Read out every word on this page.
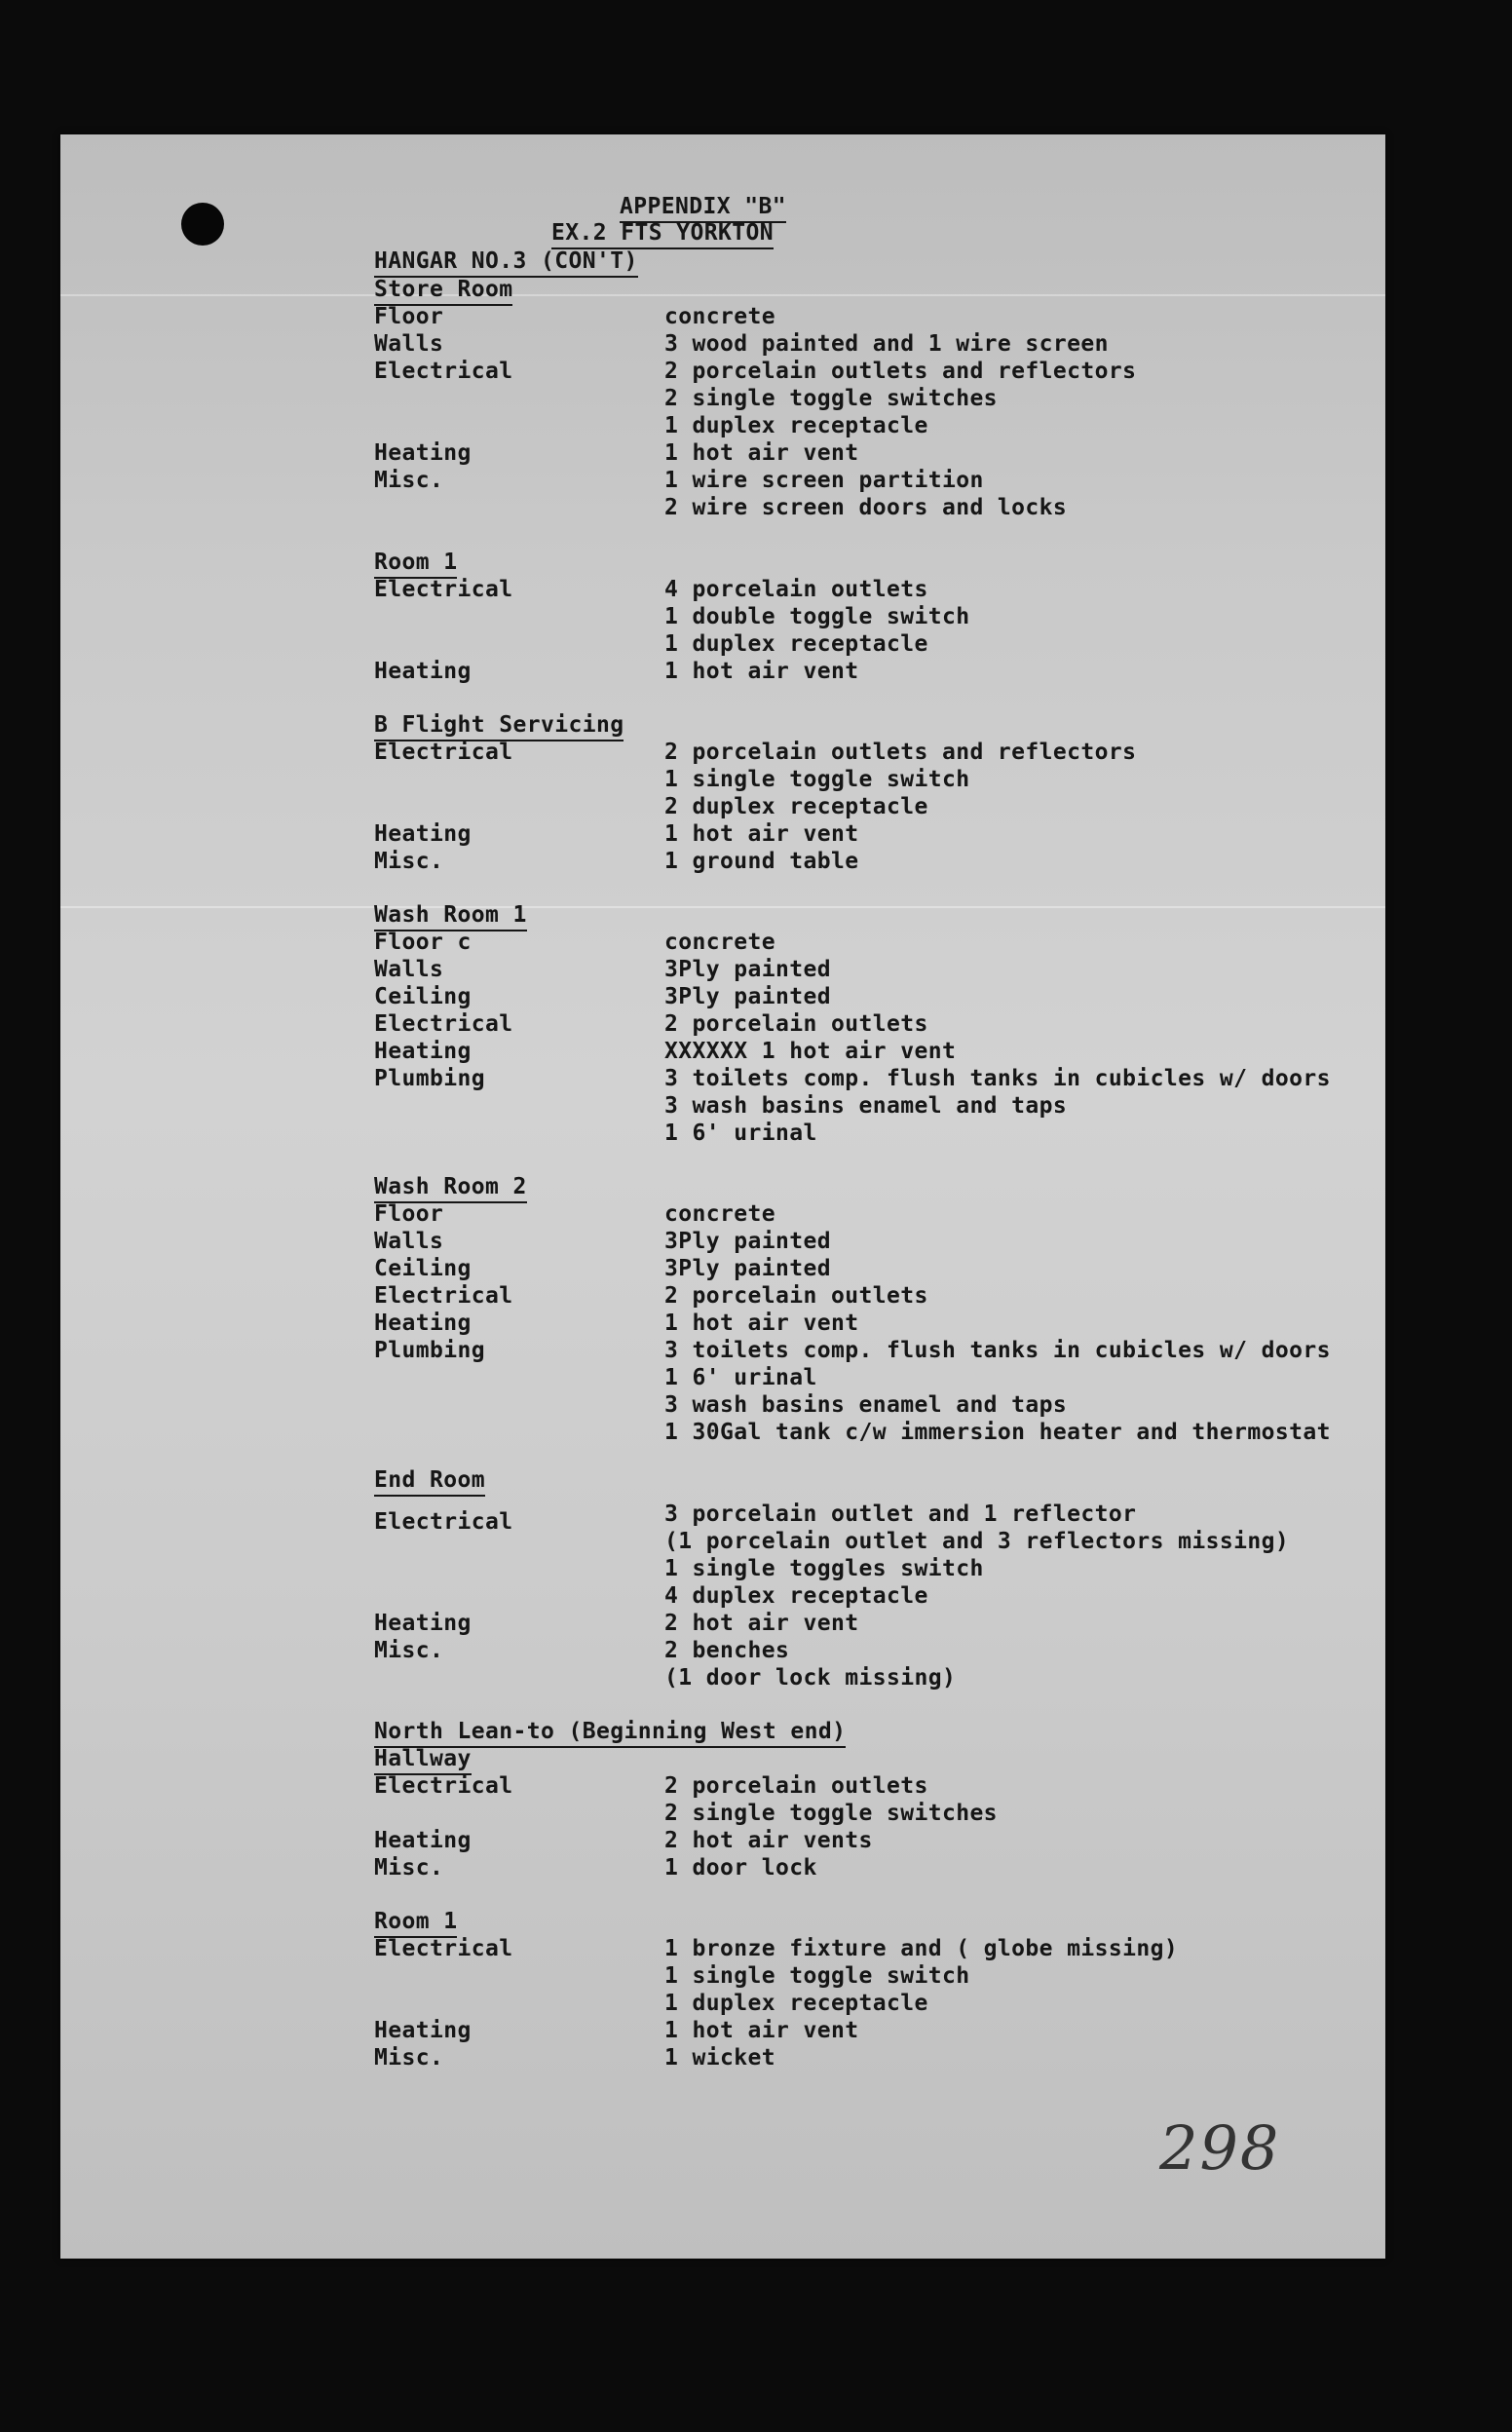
APPENDIX "B"
EX.2 FTS YORKTON
HANGAR NO.3 (CON'T)
Store Room
Floor	concrete
Walls	3 wood painted and 1 wire screen
Electrical	2 porcelain outlets and reflectors
2 single toggle switches
1 duplex receptacle
Heating	1 hot air vent
Misc.	1 wire screen partition
2 wire screen doors and locks
Room 1
Electrical	4 porcelain outlets
1 double toggle switch
1 duplex receptacle
Heating	1 hot air vent
B Flight Servicing
Electrical	2 porcelain outlets and reflectors
1 single toggle switch
2 duplex receptacle
Heating	1 hot air vent
Misc.	1 ground table
Wash Room 1
Floor c	concrete
Walls	3Ply painted
Ceiling	3Ply painted
Electrical	2 porcelain outlets
Heating	XXXXXX 1 hot air vent
Plumbing	3 toilets comp. flush tanks in cubicles w/ doors
3 wash basins enamel and taps
1 6' urinal
Wash Room 2
Floor	concrete
Walls	3Ply painted
Ceiling	3Ply painted
Electrical	2 porcelain outlets
Heating	1 hot air vent
Plumbing	3 toilets comp. flush tanks in cubicles w/ doors
1 6' urinal
3 wash basins enamel and taps
1 30Gal tank c/w immersion heater and thermostat
End Room
Electrical	3 porcelain outlet and 1 reflector
(1 porcelain outlet and 3 reflectors missing)
1 single toggles switch
4 duplex receptacle
Heating	2 hot air vent
Misc.	2 benches
(1 door lock missing)
North Lean-to (Beginning West end)
Hallway
Electrical	2 porcelain outlets
2 single toggle switches
Heating	2 hot air vents
Misc.	1 door lock
Room 1
Electrical	1 bronze fixture and ( globe missing)
1 single toggle switch
1 duplex receptacle
Heating	1 hot air vent
Misc.	1 wicket
298
